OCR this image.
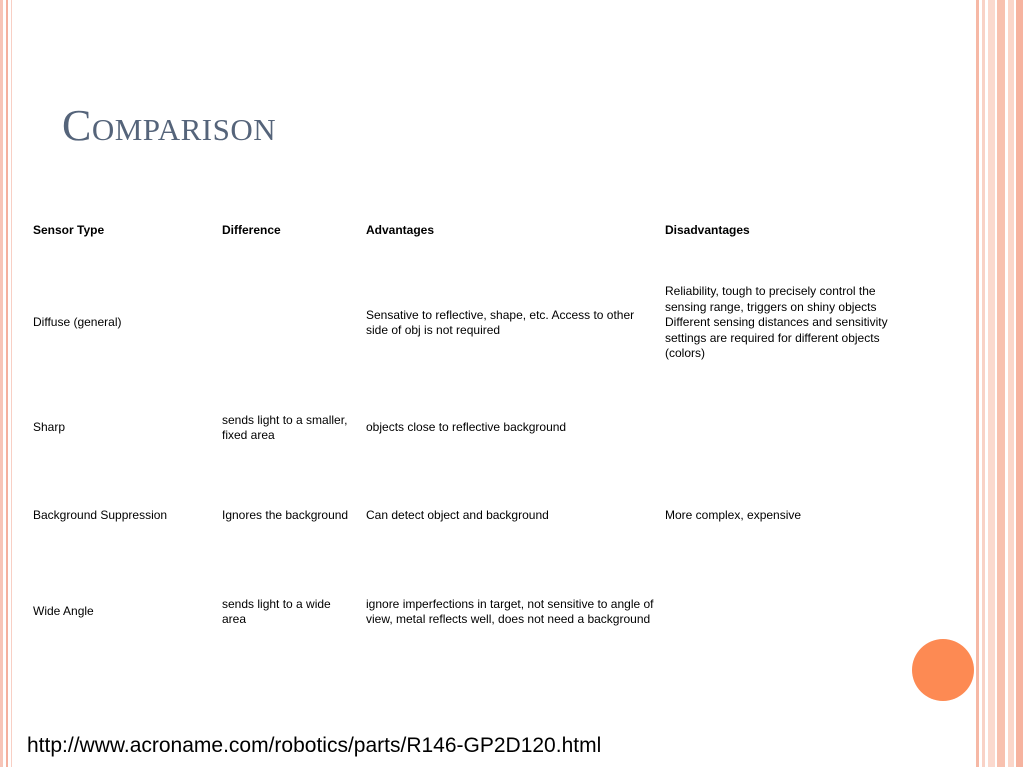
Comparison
Sensor Type	Difference	Advantages	Disadvantages
Diffuse (general)		Sensative to reflective, shape, etc. Access to other side of obj is not required	Reliability, tough to precisely control the sensing range, triggers on shiny objects Different sensing distances and sensitivity settings are required for different objects (colors)
Sharp	sends light to a smaller, fixed area	objects close to reflective background	
Background Suppression	Ignores the background	Can detect object and background	More complex, expensive
Wide Angle	sends light to a wide area	ignore imperfections in target, not sensitive to angle of view, metal reflects well, does not need a background	
http://www.acroname.com/robotics/parts/R146-GP2D120.html
